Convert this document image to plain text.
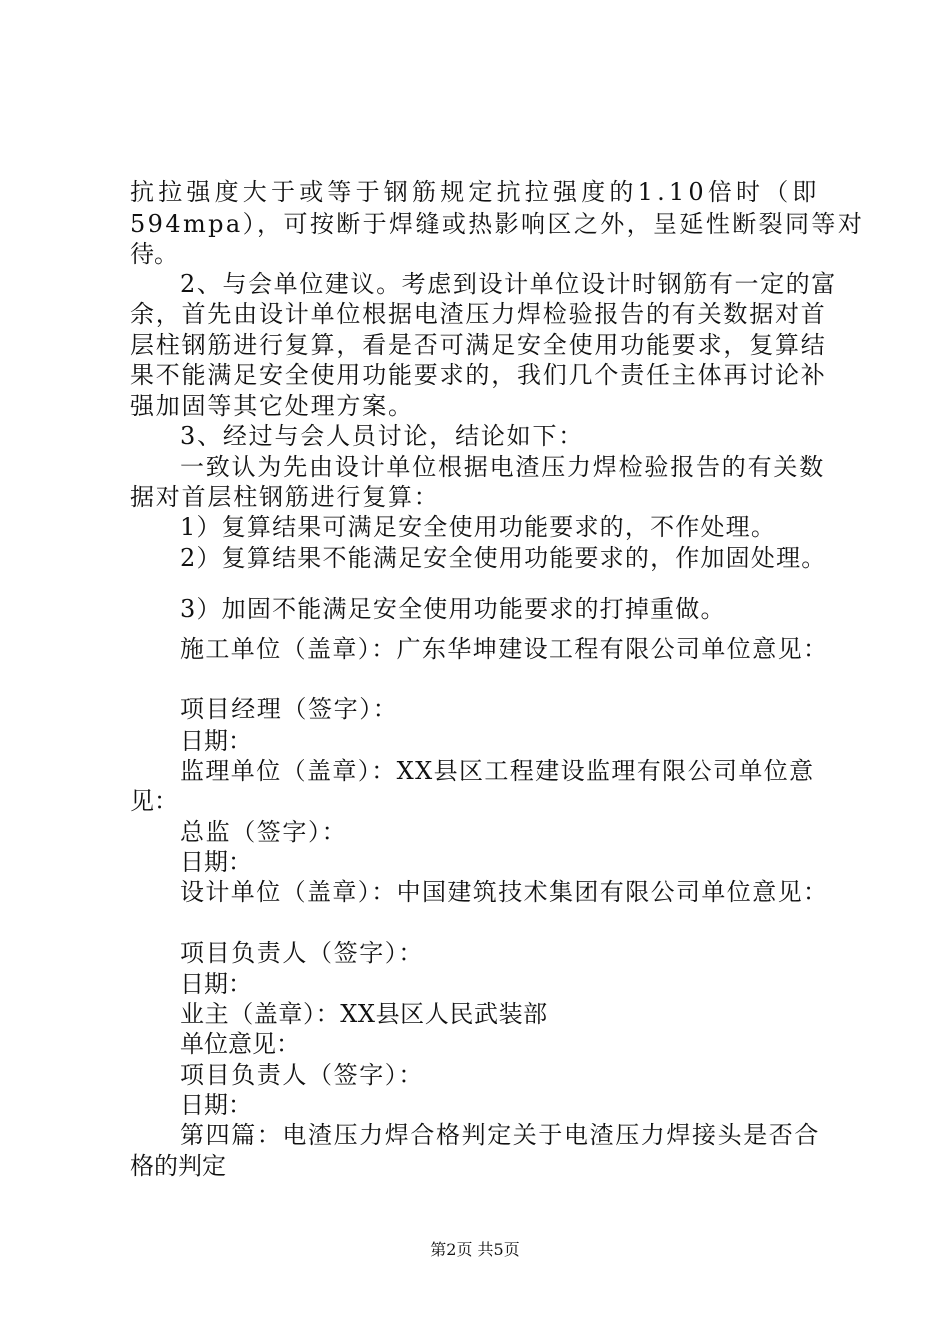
抗拉强度大于或等于钢筋规定抗拉强度的1.10倍时（即
594mpa），可按断于焊缝或热影响区之外，呈延性断裂同等对
待。
2、与会单位建议。考虑到设计单位设计时钢筋有一定的富
余，首先由设计单位根据电渣压力焊检验报告的有关数据对首
层柱钢筋进行复算，看是否可满足安全使用功能要求，复算结
果不能满足安全使用功能要求的，我们几个责任主体再讨论补
强加固等其它处理方案。
3、经过与会人员讨论，结论如下：
一致认为先由设计单位根据电渣压力焊检验报告的有关数
据对首层柱钢筋进行复算：
1）复算结果可满足安全使用功能要求的，不作处理。
2）复算结果不能满足安全使用功能要求的，作加固处理。
3）加固不能满足安全使用功能要求的打掉重做。
施工单位（盖章）：广东华坤建设工程有限公司单位意见：
项目经理（签字）：
日期：
监理单位（盖章）：XX县区工程建设监理有限公司单位意
见：
总监（签字）：
日期：
设计单位（盖章）：中国建筑技术集团有限公司单位意见：
项目负责人（签字）：
日期：
业主（盖章）：XX县区人民武装部
单位意见：
项目负责人（签字）：
日期：
第四篇：电渣压力焊合格判定关于电渣压力焊接头是否合
格的判定
第2页 共5页
